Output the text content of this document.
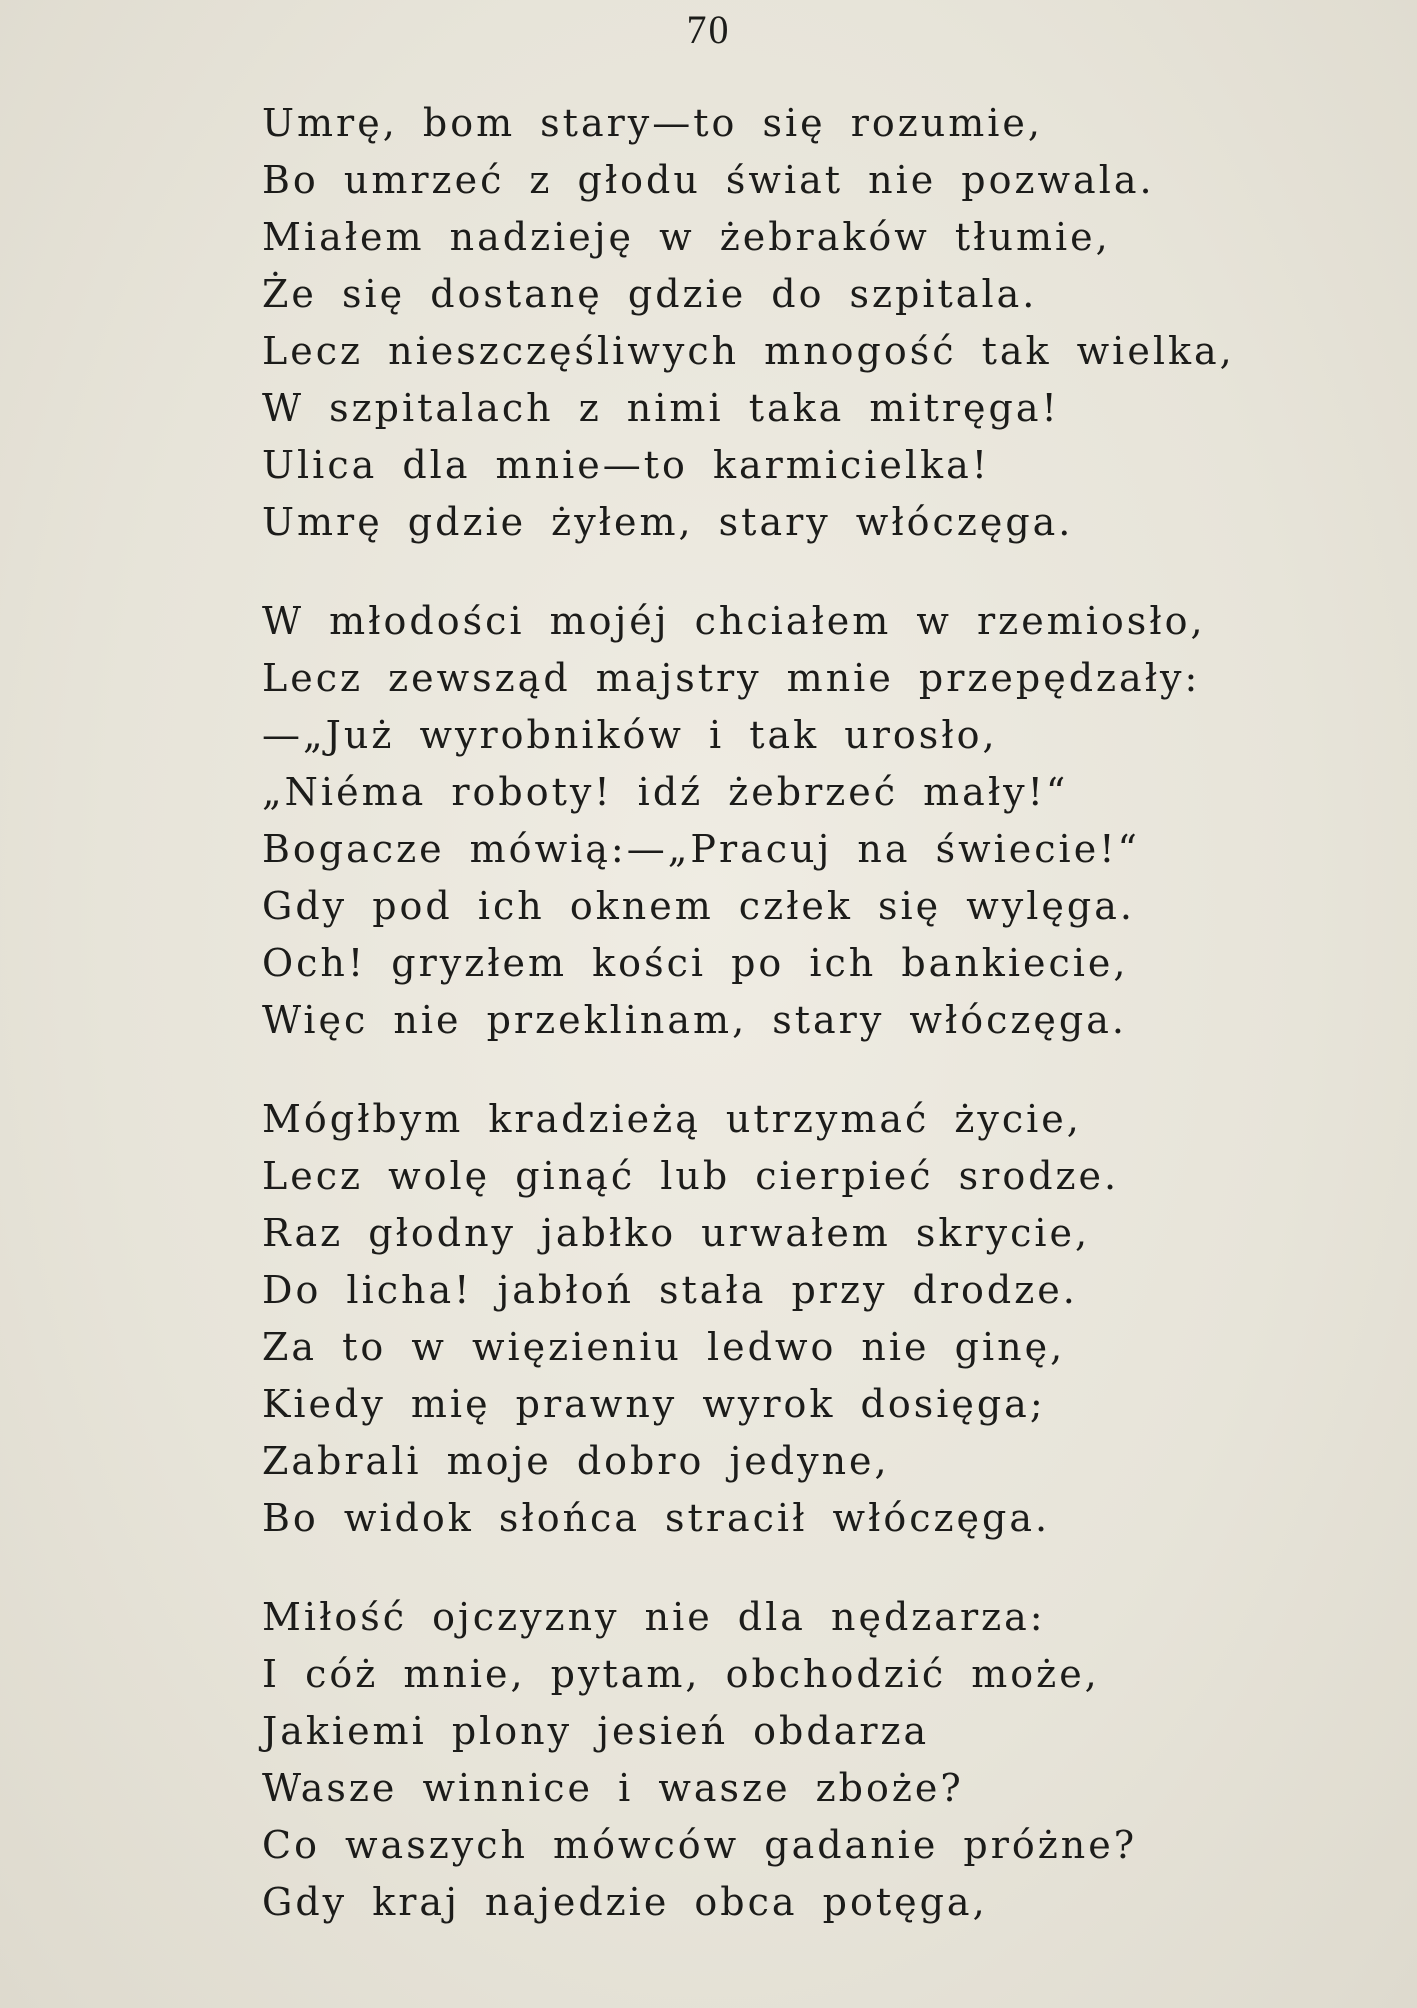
70
Umrę, bom stary—to się rozumie,
Bo umrzeć z głodu świat nie pozwala.
Miałem nadzieję w żebraków tłumie,
Że się dostanę gdzie do szpitala.
Lecz nieszczęśliwych mnogość tak wielka,
W szpitalach z nimi taka mitręga!
Ulica dla mnie—to karmicielka!
Umrę gdzie żyłem, stary włóczęga.
W młodości mojéj chciałem w rzemiosło,
Lecz zewsząd majstry mnie przepędzały:
—„Już wyrobników i tak urosło,
„Niéma roboty! idź żebrzeć mały!“
Bogacze mówią:—„Pracuj na świecie!“
Gdy pod ich oknem człek się wylęga.
Och! gryzłem kości po ich bankiecie,
Więc nie przeklinam, stary włóczęga.
Mógłbym kradzieżą utrzymać życie,
Lecz wolę ginąć lub cierpieć srodze.
Raz głodny jabłko urwałem skrycie,
Do licha! jabłoń stała przy drodze.
Za to w więzieniu ledwo nie ginę,
Kiedy mię prawny wyrok dosięga;
Zabrali moje dobro jedyne,
Bo widok słońca stracił włóczęga.
Miłość ojczyzny nie dla nędzarza:
I cóż mnie, pytam, obchodzić może,
Jakiemi plony jesień obdarza
Wasze winnice i wasze zboże?
Co waszych mówców gadanie próżne?
Gdy kraj najedzie obca potęga,
